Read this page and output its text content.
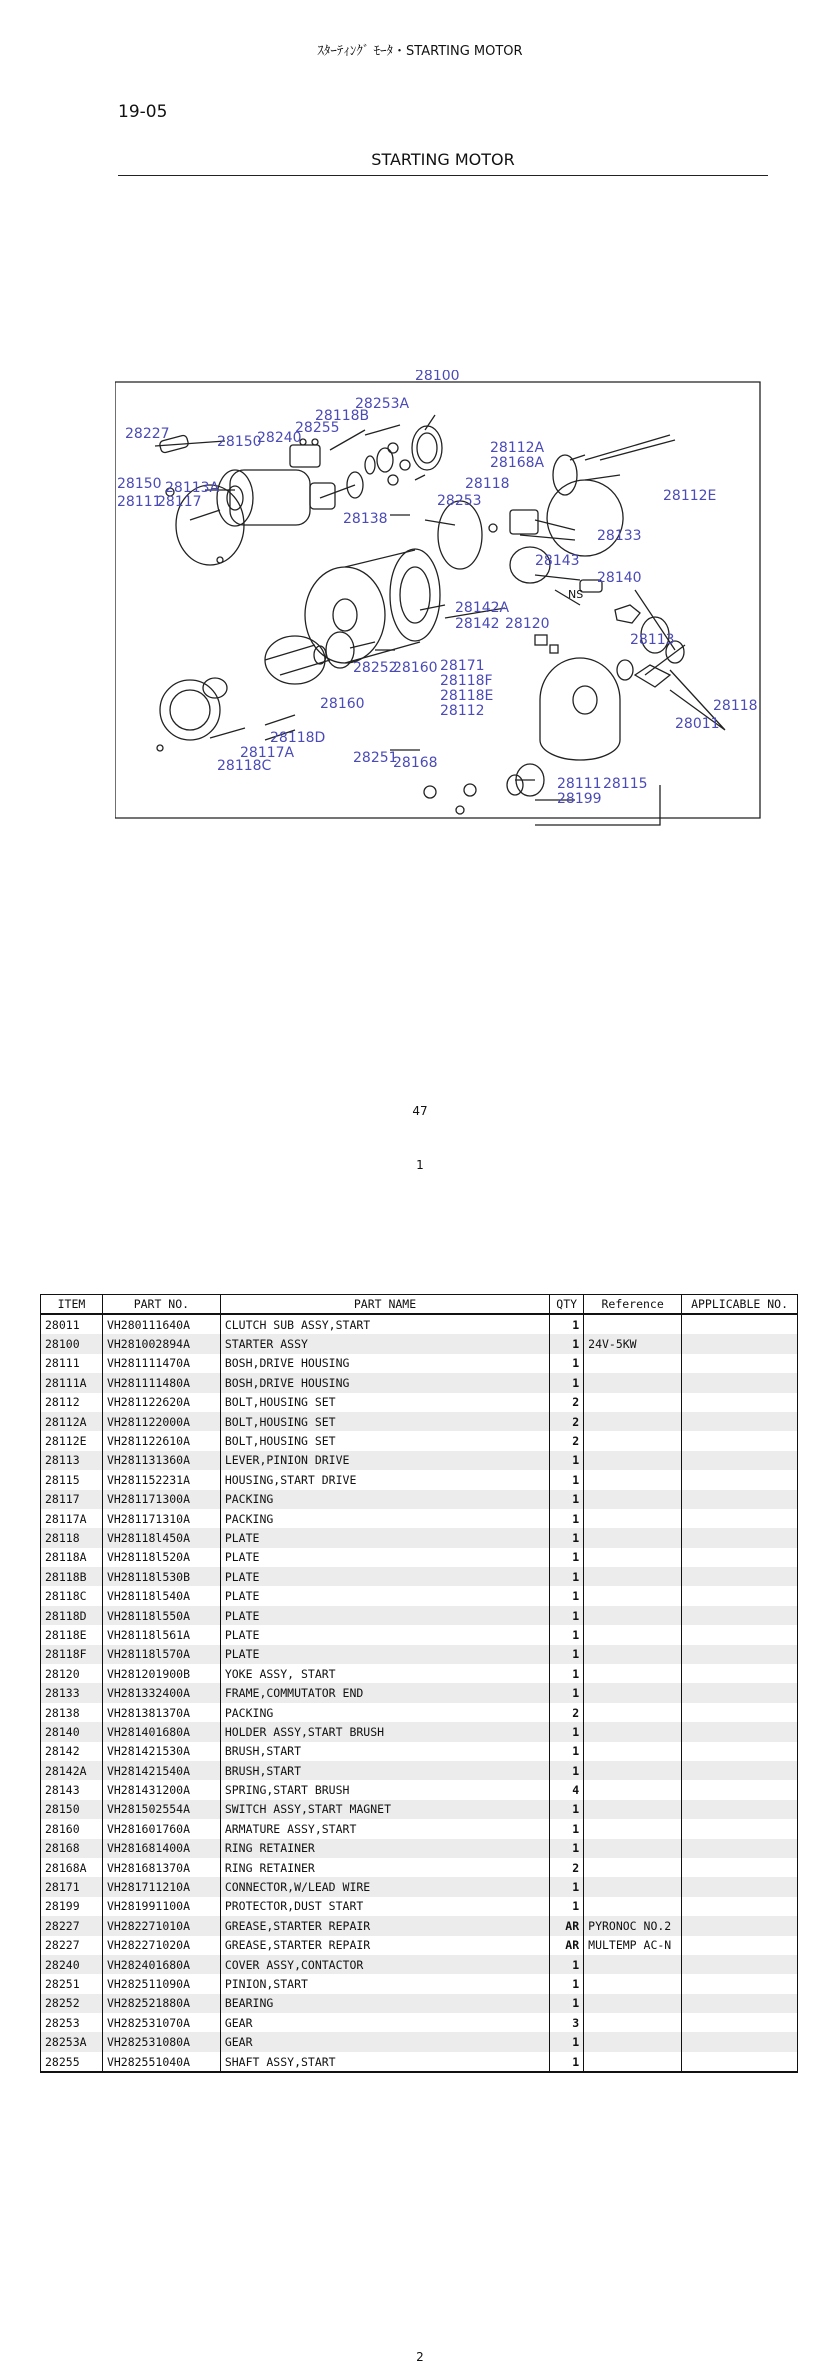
ｽﾀｰﾃｨﾝｸﾞ ﾓｰﾀ・STARTING MOTOR
19-05
STARTING MOTOR
28100
28227	28150
28240
28255
28118B
28253A
28150 28113A
28111
28117
28138
28112A
28168A
28118
28253	28112E
28133
28143
28140
NS
28142A
28142 28120
28113
28252
28160 28171
28118F
28118E
28112	28118
28011
28160
28118D
28117A
28118C	28251
28168
28111 28115
28199
47
1
ITEM	PART NO.	PART NAME	QTY	Reference	APPLICABLE NO.
28011	VH280111640A	CLUTCH SUB ASSY,START	1		
28100	VH281002894A	STARTER ASSY	1	24V-5KW	
28111	VH281111470A	BOSH,DRIVE HOUSING	1		
28111A	VH281111480A	BOSH,DRIVE HOUSING	1		
28112	VH281122620A	BOLT,HOUSING SET	2		
28112A	VH281122000A	BOLT,HOUSING SET	2		
28112E	VH281122610A	BOLT,HOUSING SET	2		
28113	VH281131360A	LEVER,PINION DRIVE	1		
28115	VH281152231A	HOUSING,START DRIVE	1		
28117	VH281171300A	PACKING	1		
28117A	VH281171310A	PACKING	1		
28118	VH28118l450A	PLATE	1		
28118A	VH28118l520A	PLATE	1		
28118B	VH28118l530B	PLATE	1		
28118C	VH28118l540A	PLATE	1		
28118D	VH28118l550A	PLATE	1		
28118E	VH28118l561A	PLATE	1		
28118F	VH28118l570A	PLATE	1		
28120	VH281201900B	YOKE ASSY, START	1		
28133	VH281332400A	FRAME,COMMUTATOR END	1		
28138	VH281381370A	PACKING	2		
28140	VH281401680A	HOLDER ASSY,START BRUSH	1		
28142	VH281421530A	BRUSH,START	1		
28142A	VH281421540A	BRUSH,START	1		
28143	VH281431200A	SPRING,START BRUSH	4		
28150	VH281502554A	SWITCH ASSY,START MAGNET	1		
28160	VH281601760A	ARMATURE ASSY,START	1		
28168	VH281681400A	RING RETAINER	1		
28168A	VH281681370A	RING RETAINER	2		
28171	VH281711210A	CONNECTOR,W/LEAD WIRE	1		
28199	VH281991100A	PROTECTOR,DUST START	1		
28227	VH282271010A	GREASE,STARTER REPAIR	AR	PYRONOC NO.2	
28227	VH282271020A	GREASE,STARTER REPAIR	AR	MULTEMP AC-N	
28240	VH282401680A	COVER ASSY,CONTACTOR	1		
28251	VH282511090A	PINION,START	1		
28252	VH282521880A	BEARING	1		
28253	VH282531070A	GEAR	3		
28253A	VH282531080A	GEAR	1		
28255	VH282551040A	SHAFT ASSY,START	1		
2
